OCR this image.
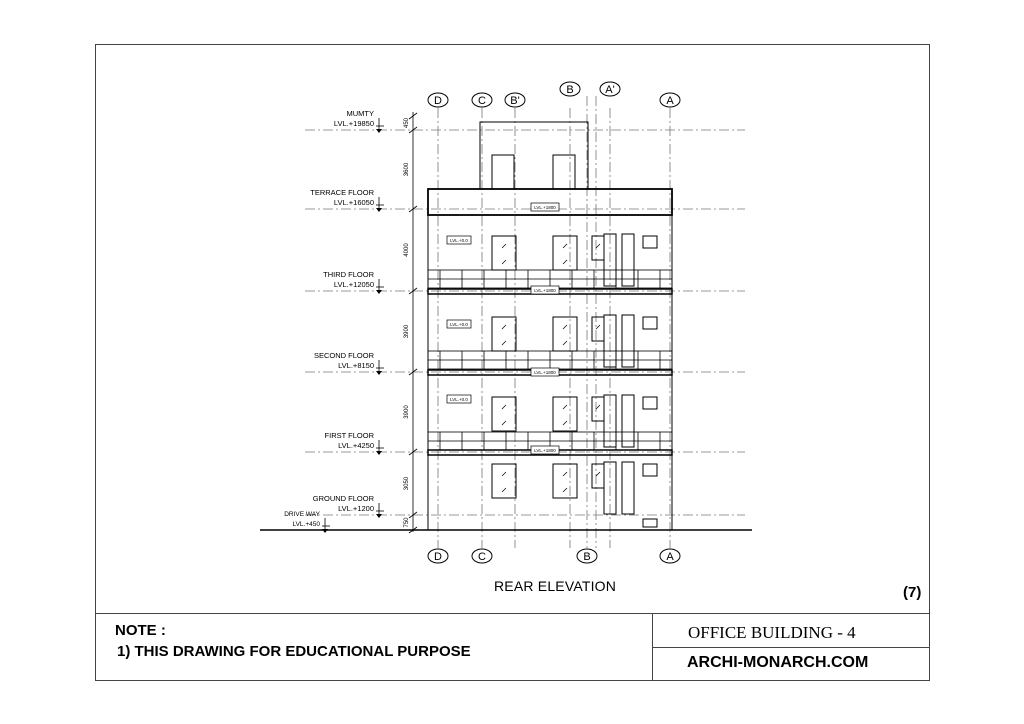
D	C B'
B	A'
A
D	C	B	A
MUMTY
LVL.+19850
TERRACE FLOOR
LVL.+16050
THIRD FLOOR
LVL.+12050
SECOND FLOOR
LVL.+8150
FIRST FLOOR
LVL.+4250
GROUND FLOOR
LVL.+1200
DRIVE WAY
LVL.+450
450
3600
4000
3900
3900
3050
750
LVL.+1800
LVL.+1800
LVL.+1800
LVL.+1800
LVL.+0.0
LVL.+0.0
LVL.+0.0
REAR ELEVATION	(7)
NOTE :
1) THIS DRAWING FOR EDUCATIONAL PURPOSE
OFFICE BUILDING - 4
ARCHI-MONARCH.COM
